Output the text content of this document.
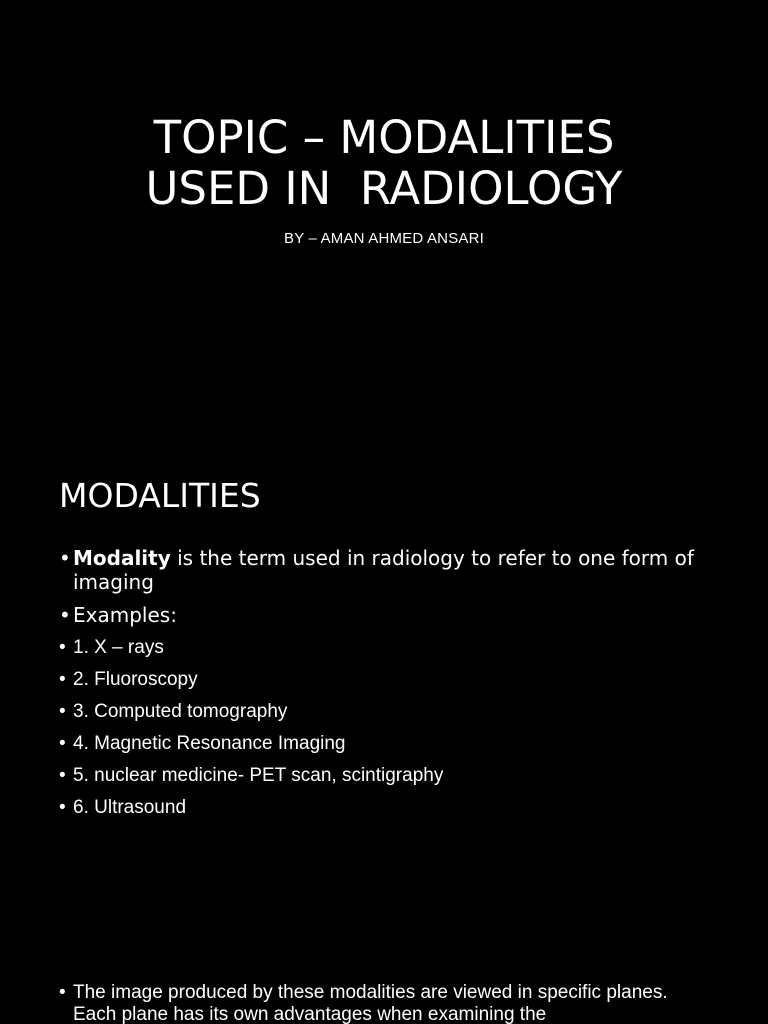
TOPIC – MODALITIES
USED IN  RADIOLOGY

BY – AMAN AHMED ANSARI

MODALITIES
• Modality is the term used in radiology to refer to one form of imaging
• Examples:
• 1. X – rays
• 2. Fluoroscopy
• 3. Computed tomography
• 4. Magnetic Resonance Imaging
• 5. nuclear medicine- PET scan, scintigraphy
• 6. Ultrasound
• The image produced by these modalities are viewed in specific planes. Each plane has its own advantages when examining the
